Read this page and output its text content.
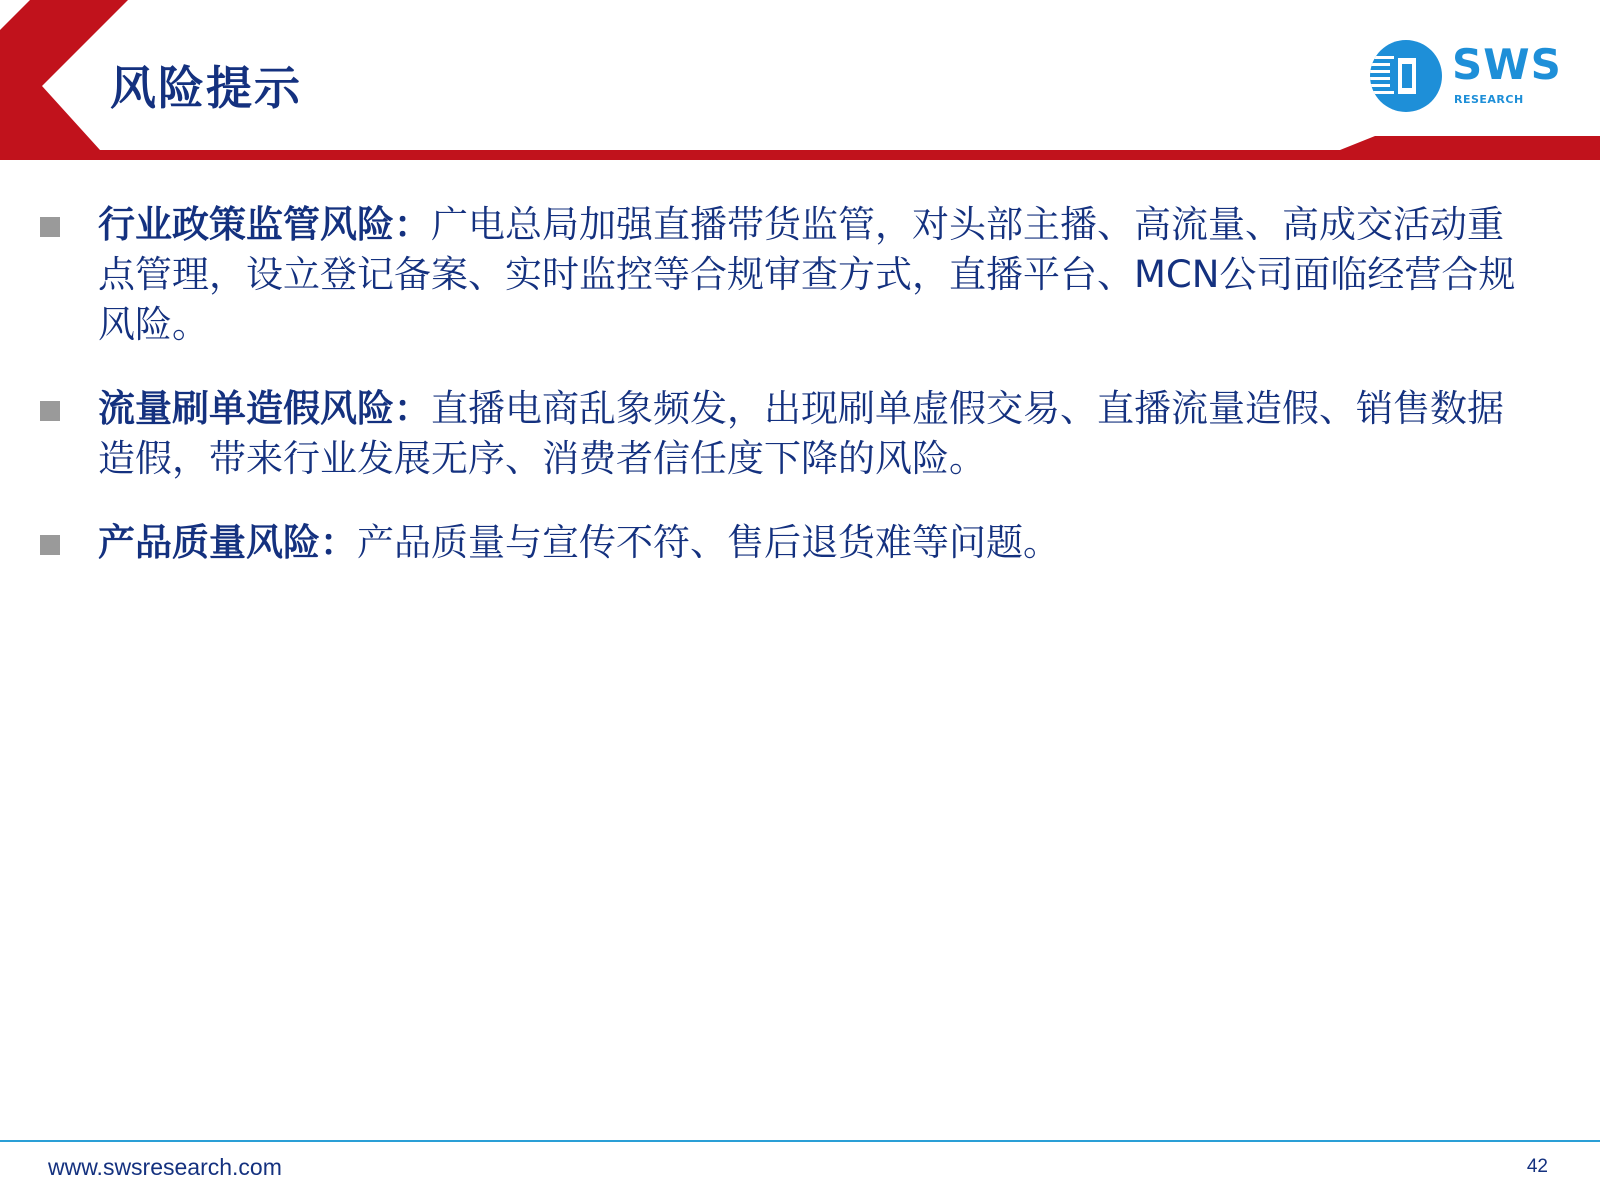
风险提示	SWS
RESEARCH
行业政策监管风险：广电总局加强直播带货监管，对头部主播、高流量、高成交活动重点管理，设立登记备案、实时监控等合规审查方式，直播平台、MCN公司面临经营合规风险。
流量刷单造假风险：直播电商乱象频发，出现刷单虚假交易、直播流量造假、销售数据造假，带来行业发展无序、消费者信任度下降的风险。
产品质量风险：产品质量与宣传不符、售后退货难等问题。
www.swsresearch.com	42
